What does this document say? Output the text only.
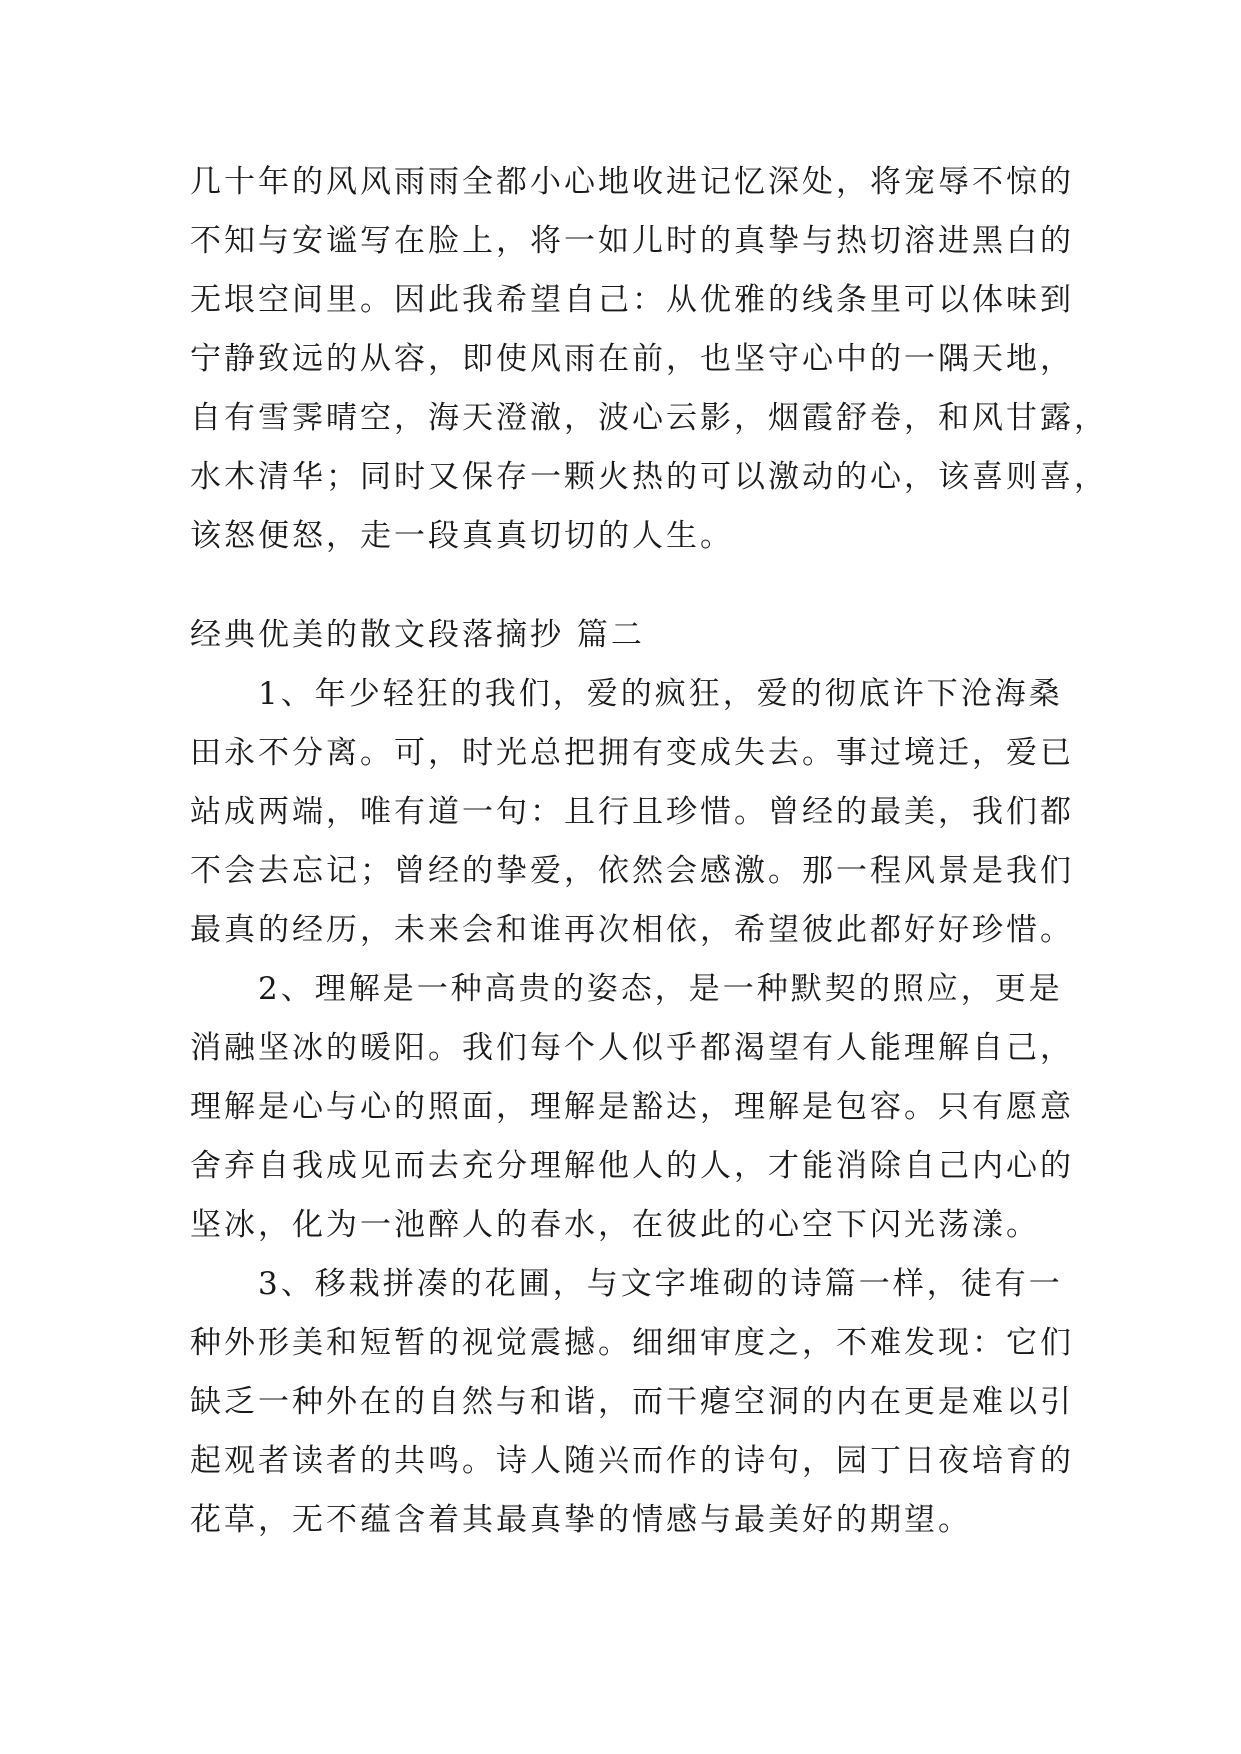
几十年的风风雨雨全都小心地收进记忆深处，将宠辱不惊的
不知与安谧写在脸上，将一如儿时的真挚与热切溶进黑白的
无垠空间里。因此我希望自己：从优雅的线条里可以体味到
宁静致远的从容，即使风雨在前，也坚守心中的一隅天地，
自有雪霁晴空，海天澄澈，波心云影，烟霞舒卷，和风甘露，
水木清华；同时又保存一颗火热的可以激动的心，该喜则喜，
该怒便怒，走一段真真切切的人生。
经典优美的散文段落摘抄 篇二
　　1、年少轻狂的我们，爱的疯狂，爱的彻底许下沧海桑
田永不分离。可，时光总把拥有变成失去。事过境迁，爱已
站成两端，唯有道一句：且行且珍惜。曾经的最美，我们都
不会去忘记；曾经的挚爱，依然会感激。那一程风景是我们
最真的经历，未来会和谁再次相依，希望彼此都好好珍惜。
　　2、理解是一种高贵的姿态，是一种默契的照应，更是
消融坚冰的暖阳。我们每个人似乎都渴望有人能理解自己，
理解是心与心的照面，理解是豁达，理解是包容。只有愿意
舍弃自我成见而去充分理解他人的人，才能消除自己内心的
坚冰，化为一池醉人的春水，在彼此的心空下闪光荡漾。
　　3、移栽拼凑的花圃，与文字堆砌的诗篇一样，徒有一
种外形美和短暂的视觉震撼。细细审度之，不难发现：它们
缺乏一种外在的自然与和谐，而干瘪空洞的内在更是难以引
起观者读者的共鸣。诗人随兴而作的诗句，园丁日夜培育的
花草，无不蕴含着其最真挚的情感与最美好的期望。
